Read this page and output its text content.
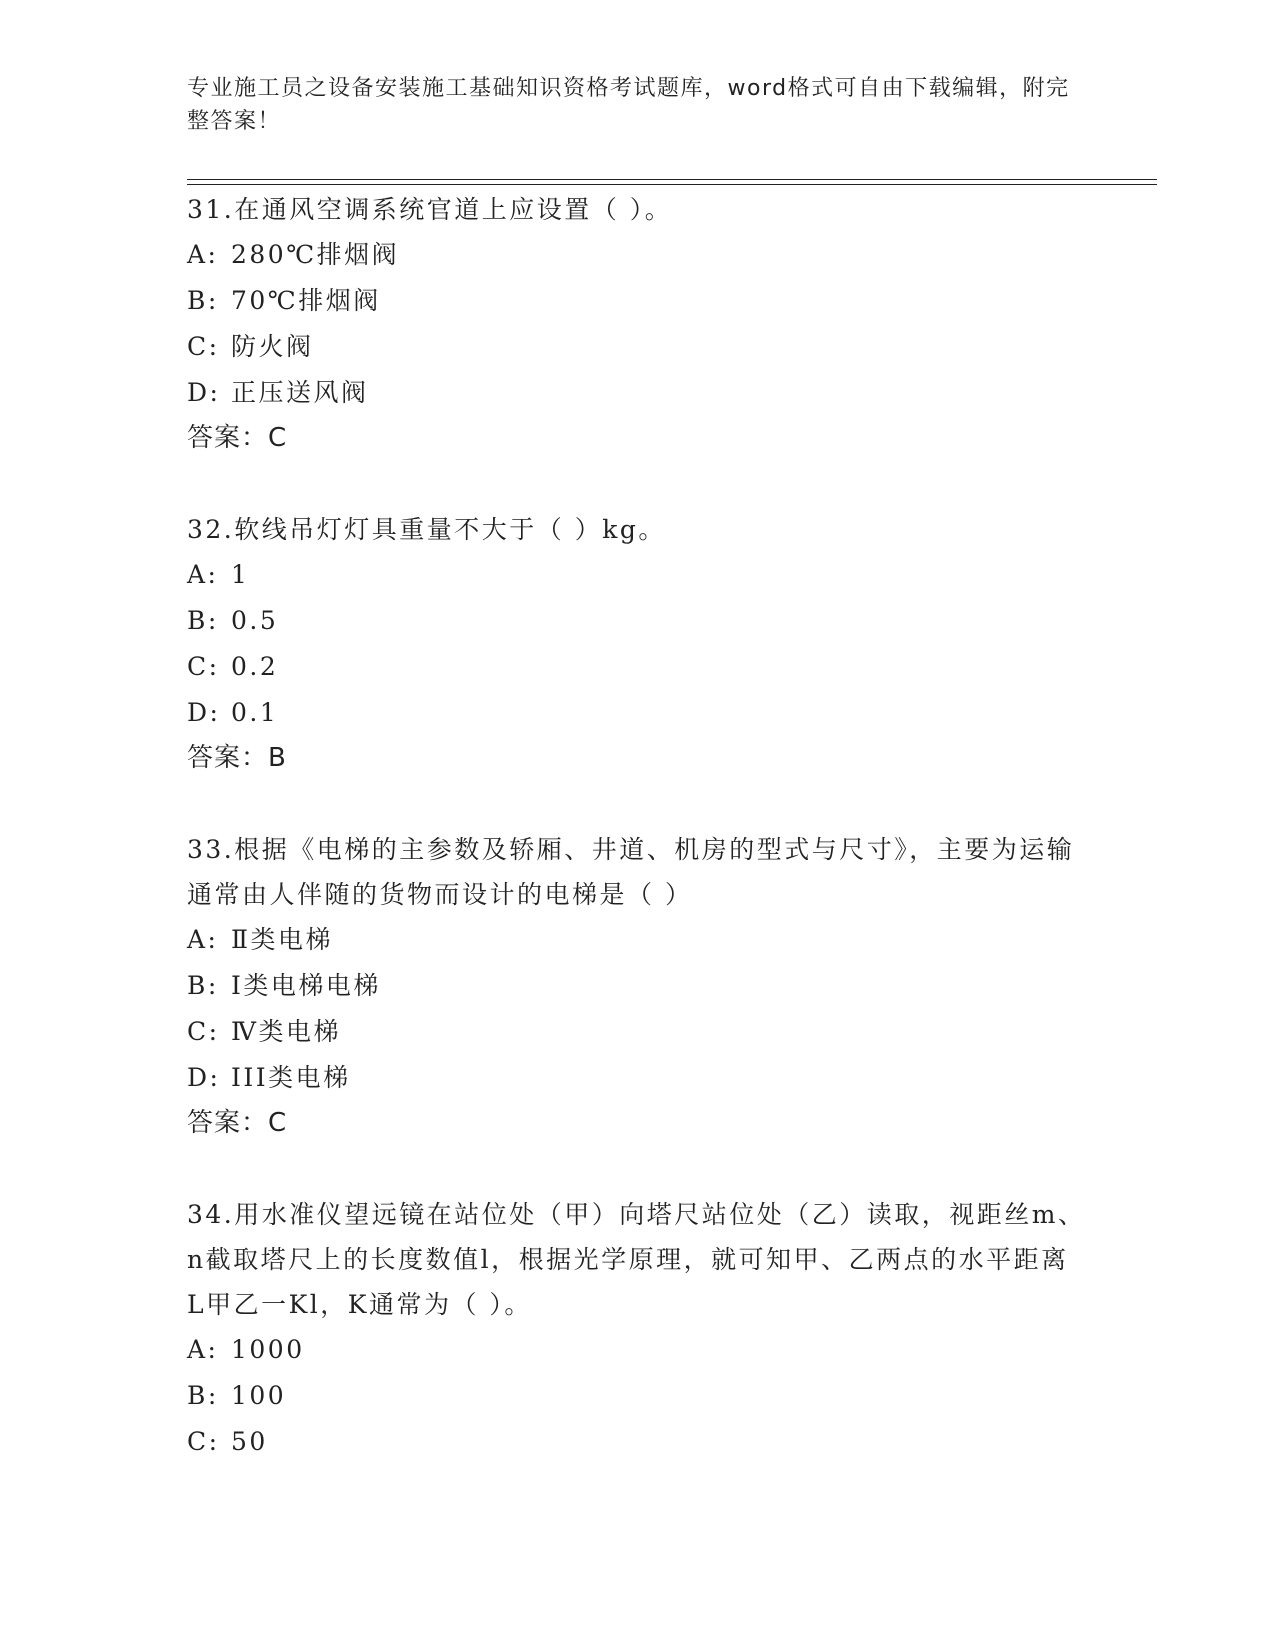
专业施工员之设备安装施工基础知识资格考试题库，word格式可自由下载编辑，附完整答案！
31.在通风空调系统官道上应设置（ ）。
A: 280℃排烟阀
B: 70℃排烟阀
C: 防火阀
D: 正压送风阀
答案：C
32.软线吊灯灯具重量不大于（ ）kg。
A: 1
B: 0.5
C: 0.2
D: 0.1
答案：B
33.根据《电梯的主参数及轿厢、井道、机房的型式与尺寸》，主要为运输通常由人伴随的货物而设计的电梯是（ ）
A: Ⅱ类电梯
B: Ⅰ类电梯电梯
C: Ⅳ类电梯
D: III类电梯
答案：C
34.用水准仪望远镜在站位处（甲）向塔尺站位处（乙）读取，视距丝m、n截取塔尺上的长度数值l，根据光学原理，就可知甲、乙两点的水平距离L甲乙一Kl，K通常为（ ）。
A: 1000
B: 100
C: 50
